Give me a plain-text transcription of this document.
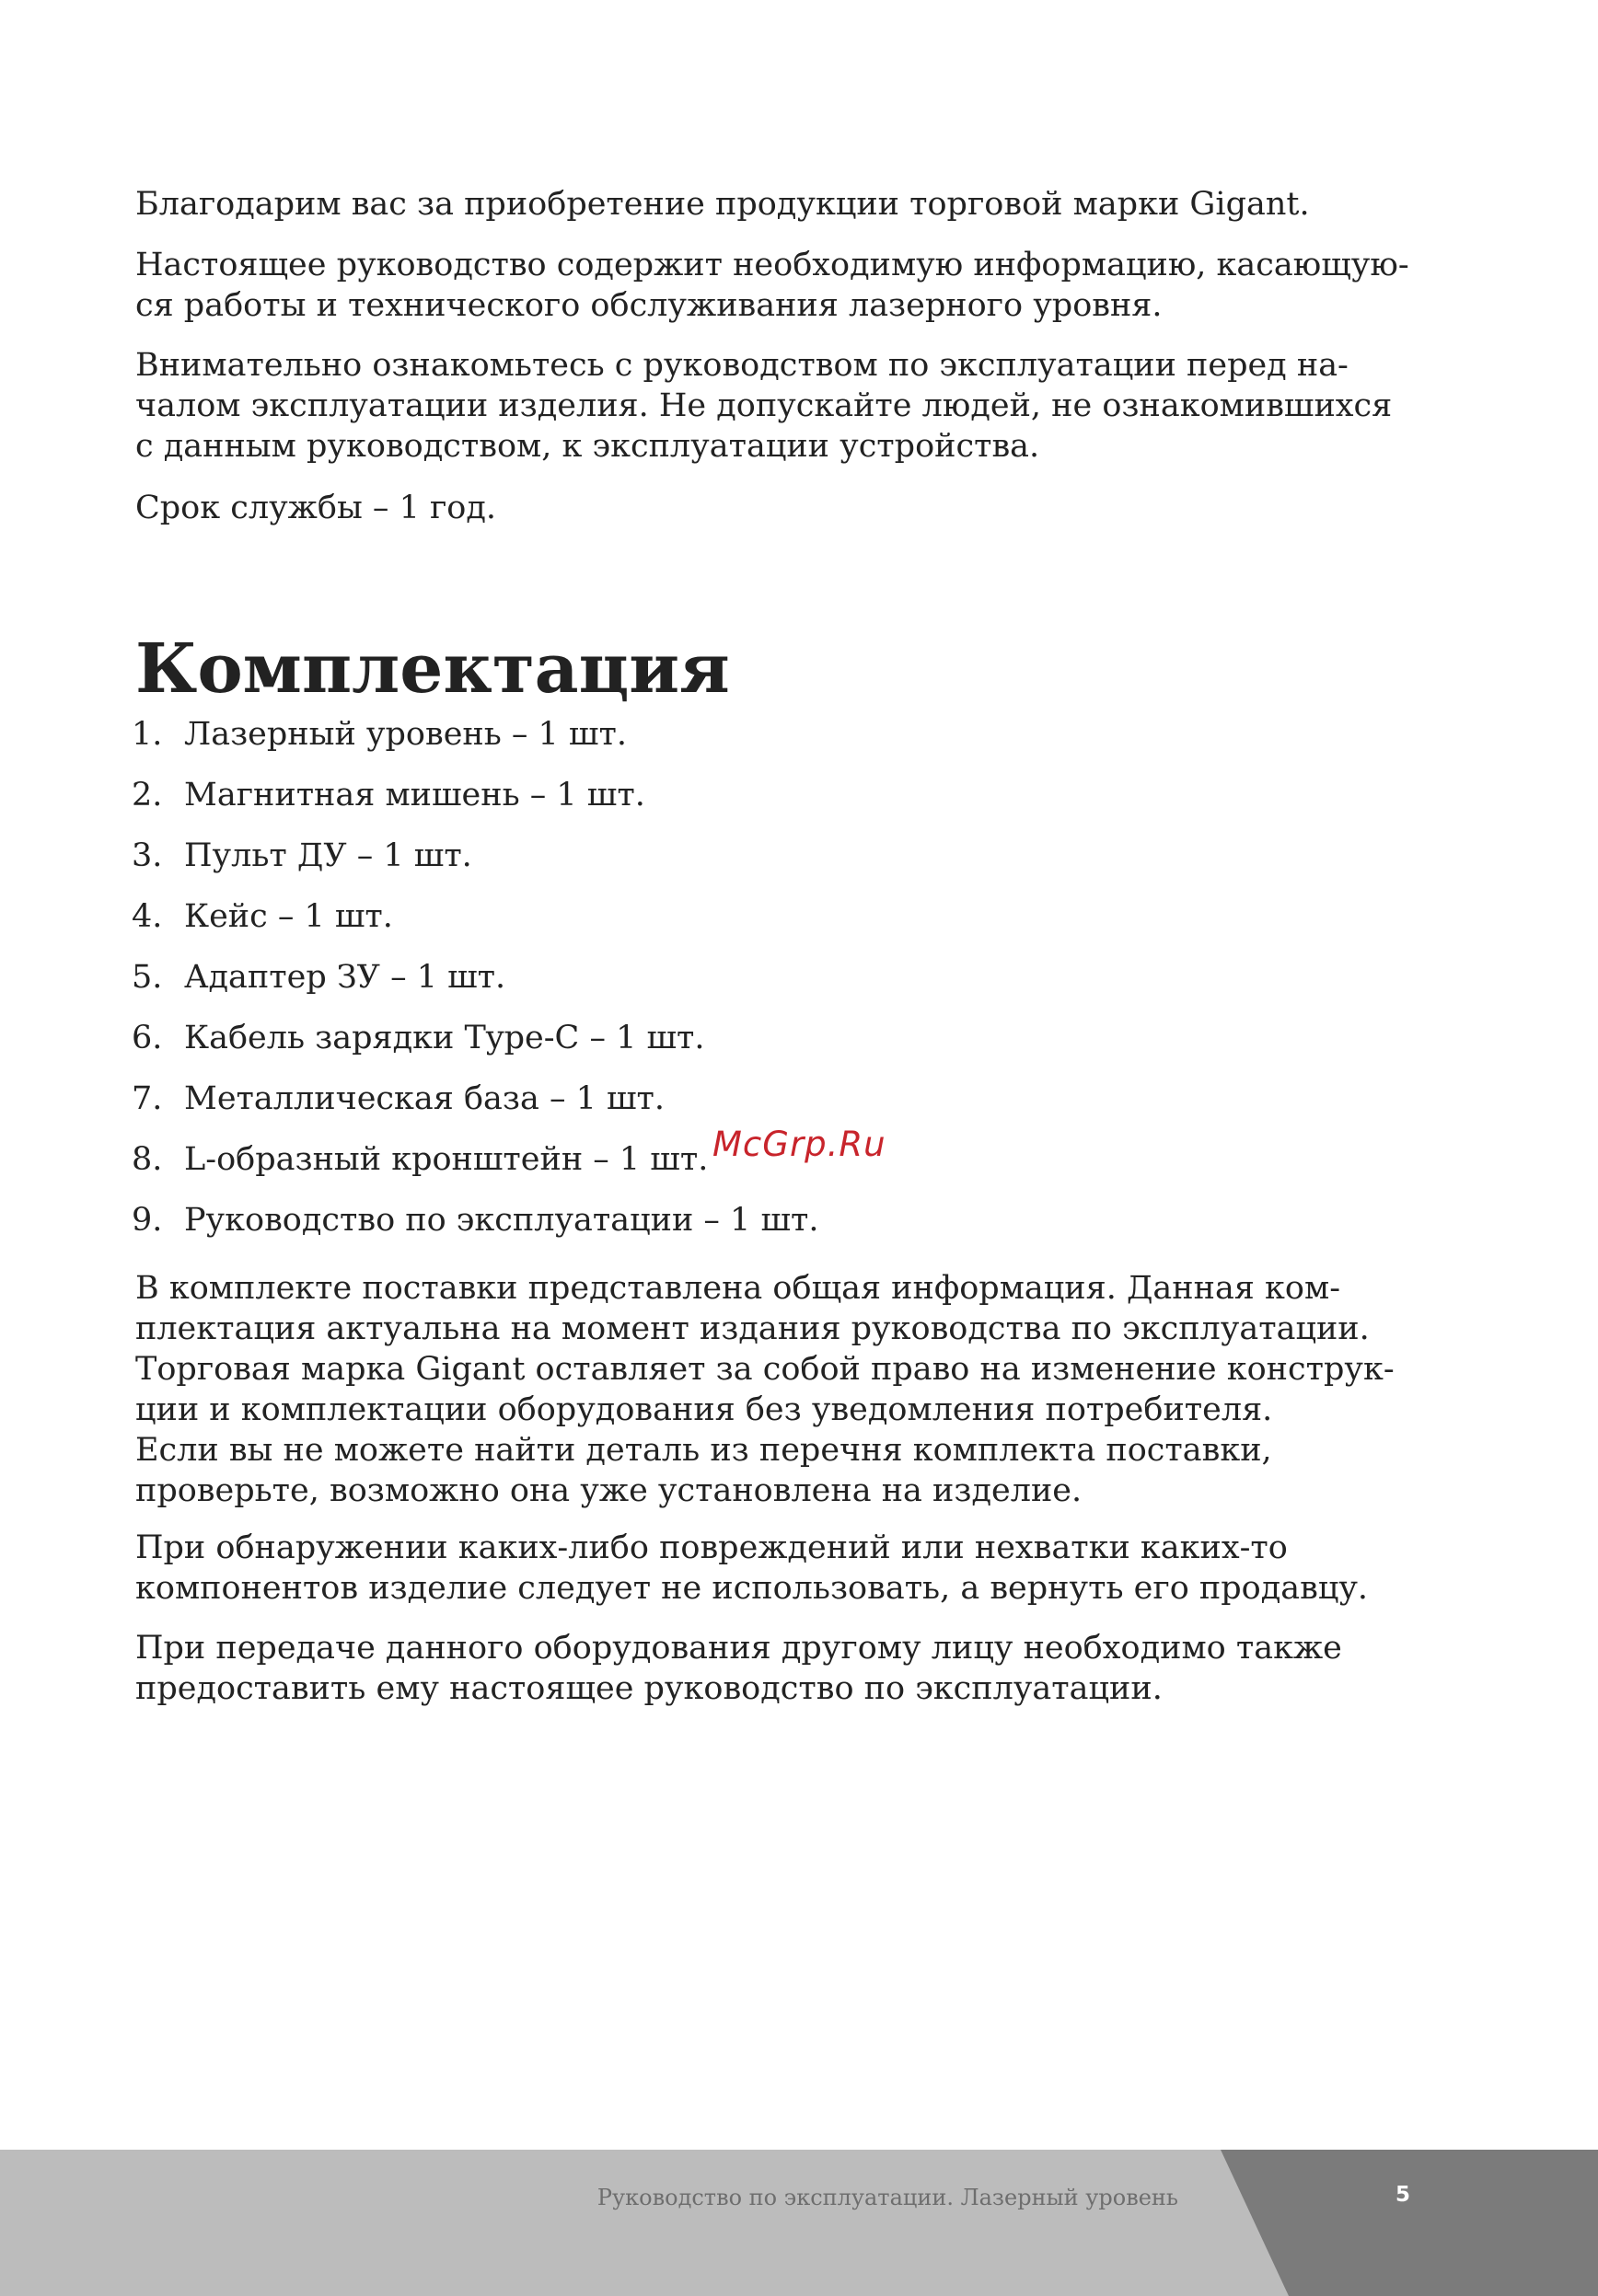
Благодарим вас за приобретение продукции торговой марки Gigant.

Настоящее руководство содержит необходимую информацию, касающую-
ся работы и технического обслуживания лазерного уровня.

Внимательно ознакомьтесь с руководством по эксплуатации перед на-
чалом эксплуатации изделия. Не допускайте людей, не ознакомившихся
с данным руководством, к эксплуатации устройства.

Срок службы – 1 год.

Комплектация
1. Лазерный уровень – 1 шт.
2. Магнитная мишень – 1 шт.
3. Пульт ДУ – 1 шт.
4. Кейс – 1 шт.
5. Адаптер ЗУ – 1 шт.
6. Кабель зарядки Type-C – 1 шт.
7. Металлическая база – 1 шт.
8. L-образный кронштейн – 1 шт.
9. Руководство по эксплуатации – 1 шт.

В комплекте поставки представлена общая информация. Данная ком-
плектация актуальна на момент издания руководства по эксплуатации.
Торговая марка Gigant оставляет за собой право на изменение конструк-
ции и комплектации оборудования без уведомления потребителя.
Если вы не можете найти деталь из перечня комплекта поставки,
проверьте, возможно она уже установлена на изделие.

При обнаружении каких-либо повреждений или нехватки каких-то
компонентов изделие следует не использовать, а вернуть его продавцу.

При передаче данного оборудования другому лицу необходимо также
предоставить ему настоящее руководство по эксплуатации.

McGrp.Ru
Руководство по эксплуатации. Лазерный уровень	5
